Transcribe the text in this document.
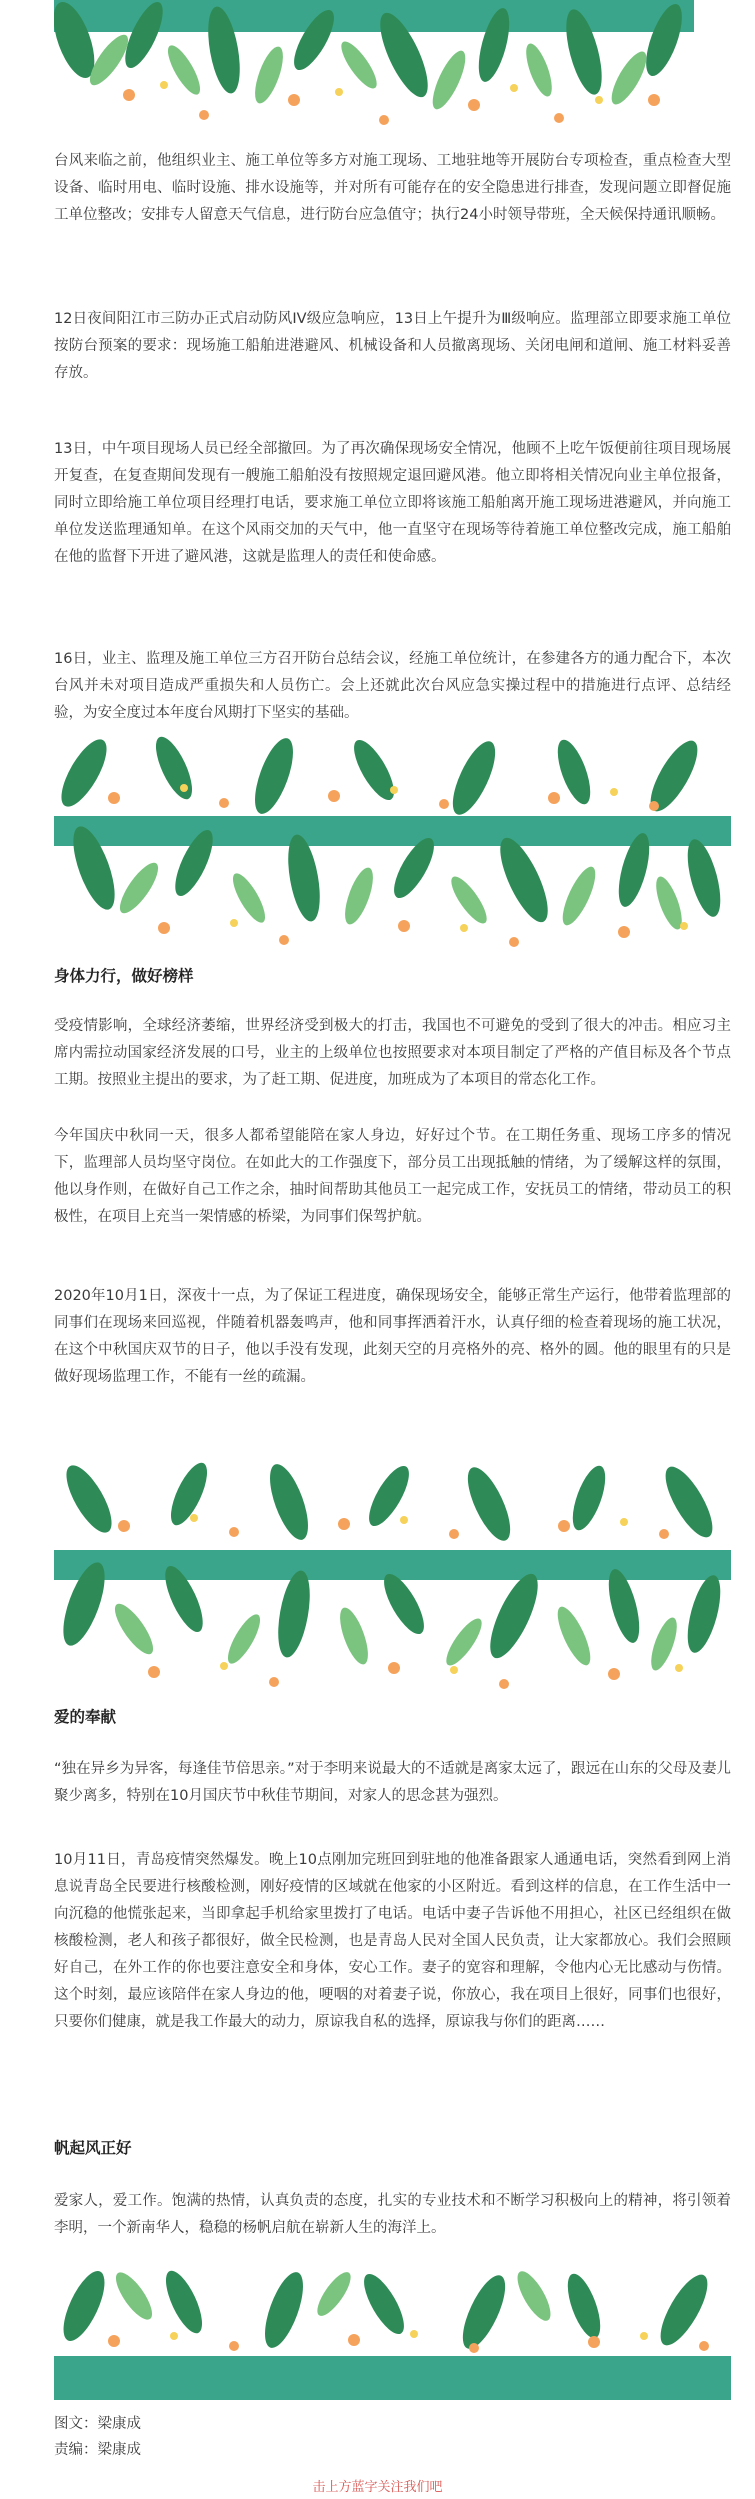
台风来临之前，他组织业主、施工单位等多方对施工现场、工地驻地等开展防台专项检查，重点检查大型设备、临时用电、临时设施、排水设施等，并对所有可能存在的安全隐患进行排查，发现问题立即督促施工单位整改；安排专人留意天气信息，进行防台应急值守；执行24小时领导带班，全天候保持通讯顺畅。

12日夜间阳江市三防办正式启动防风IV级应急响应，13日上午提升为Ⅲ级响应。监理部立即要求施工单位按防台预案的要求：现场施工船舶进港避风、机械设备和人员撤离现场、关闭电闸和道闸、施工材料妥善存放。

13日，中午项目现场人员已经全部撤回。为了再次确保现场安全情况，他顾不上吃午饭便前往项目现场展开复查，在复查期间发现有一艘施工船舶没有按照规定退回避风港。他立即将相关情况向业主单位报备，同时立即给施工单位项目经理打电话，要求施工单位立即将该施工船舶离开施工现场进港避风，并向施工单位发送监理通知单。在这个风雨交加的天气中，他一直坚守在现场等待着施工单位整改完成，施工船舶在他的监督下开进了避风港，这就是监理人的责任和使命感。

16日，业主、监理及施工单位三方召开防台总结会议，经施工单位统计，在参建各方的通力配合下，本次台风并未对项目造成严重损失和人员伤亡。会上还就此次台风应急实操过程中的措施进行点评、总结经验，为安全度过本年度台风期打下坚实的基础。

身体力行，做好榜样

受疫情影响，全球经济萎缩，世界经济受到极大的打击，我国也不可避免的受到了很大的冲击。相应习主席内需拉动国家经济发展的口号，业主的上级单位也按照要求对本项目制定了严格的产值目标及各个节点工期。按照业主提出的要求，为了赶工期、促进度，加班成为了本项目的常态化工作。

今年国庆中秋同一天，很多人都希望能陪在家人身边，好好过个节。在工期任务重、现场工序多的情况下，监理部人员均坚守岗位。在如此大的工作强度下，部分员工出现抵触的情绪，为了缓解这样的氛围，他以身作则，在做好自己工作之余，抽时间帮助其他员工一起完成工作，安抚员工的情绪，带动员工的积极性，在项目上充当一架情感的桥梁，为同事们保驾护航。

2020年10月1日，深夜十一点，为了保证工程进度，确保现场安全，能够正常生产运行，他带着监理部的同事们在现场来回巡视，伴随着机器轰鸣声，他和同事挥洒着汗水，认真仔细的检查着现场的施工状况，在这个中秋国庆双节的日子，他以手没有发现，此刻天空的月亮格外的亮、格外的圆。他的眼里有的只是做好现场监理工作，不能有一丝的疏漏。

爱的奉献

“独在异乡为异客，每逢佳节倍思亲。”对于李明来说最大的不适就是离家太远了，跟远在山东的父母及妻儿聚少离多，特别在10月国庆节中秋佳节期间，对家人的思念甚为强烈。

10月11日，青岛疫情突然爆发。晚上10点刚加完班回到驻地的他准备跟家人通通电话，突然看到网上消息说青岛全民要进行核酸检测，刚好疫情的区域就在他家的小区附近。看到这样的信息，在工作生活中一向沉稳的他慌张起来，当即拿起手机给家里拨打了电话。电话中妻子告诉他不用担心，社区已经组织在做核酸检测，老人和孩子都很好，做全民检测，也是青岛人民对全国人民负责，让大家都放心。我们会照顾好自己，在外工作的你也要注意安全和身体，安心工作。妻子的宽容和理解，令他内心无比感动与伤情。这个时刻，最应该陪伴在家人身边的他，哽咽的对着妻子说，你放心，我在项目上很好，同事们也很好，只要你们健康，就是我工作最大的动力，原谅我自私的选择，原谅我与你们的距离……

帆起风正好

爱家人，爱工作。饱满的热情，认真负责的态度，扎实的专业技术和不断学习积极向上的精神，将引领着李明，一个新南华人，稳稳的杨帆启航在崭新人生的海洋上。

图文：梁康成

责编：梁康成

击上方蓝字关注我们吧
